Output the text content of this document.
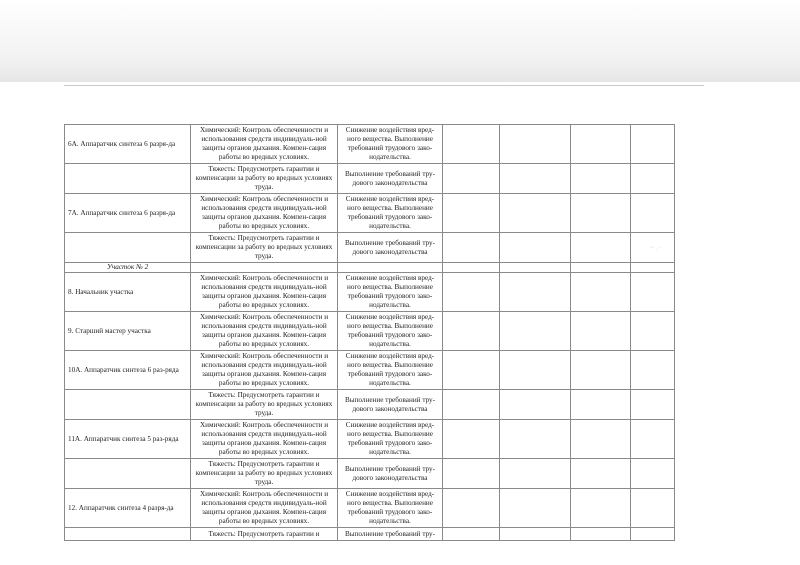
6А. Аппаратчик синтеза 6 разря-да	Химический: Контроль обеспеченности и использования средств индивидуаль-ной защиты органов дыхания. Компен-сация работы во вредных условиях.	Снижение воздействия вред-ного вещества. Выполнение требований трудового зако-нодательства.				
	Тяжесть: Предусмотреть гарантии и компенсации за работу во вредных условиях труда.	Выполнение требований тру-дового законодательства				
7А. Аппаратчик синтеза 6 разря-да	Химический: Контроль обеспеченности и использования средств индивидуаль-ной защиты органов дыхания. Компен-сация работы во вредных условиях.	Снижение воздействия вред-ного вещества. Выполнение требований трудового зако-нодательства.				
	Тяжесть: Предусмотреть гарантии и компенсации за работу во вредных условиях труда.	Выполнение требований тру-дового законодательства				
Участок № 2						
8. Начальник участка	Химический: Контроль обеспеченности и использования средств индивидуаль-ной защиты органов дыхания. Компен-сация работы во вредных условиях.	Снижение воздействия вред-ного вещества. Выполнение требований трудового зако-нодательства.				
9. Старший мастер участка	Химический: Контроль обеспеченности и использования средств индивидуаль-ной защиты органов дыхания. Компен-сация работы во вредных условиях.	Снижение воздействия вред-ного вещества. Выполнение требований трудового зако-нодательства.				
10А. Аппаратчик синтеза 6 раз-ряда	Химический: Контроль обеспеченности и использования средств индивидуаль-ной защиты органов дыхания. Компен-сация работы во вредных условиях.	Снижение воздействия вред-ного вещества. Выполнение требований трудового зако-нодательства.				
	Тяжесть: Предусмотреть гарантии и компенсации за работу во вредных условиях труда.	Выполнение требований тру-дового законодательства				
11А. Аппаратчик синтеза 5 раз-ряда	Химический: Контроль обеспеченности и использования средств индивидуаль-ной защиты органов дыхания. Компен-сация работы во вредных условиях.	Снижение воздействия вред-ного вещества. Выполнение требований трудового зако-нодательства.				
	Тяжесть: Предусмотреть гарантии и компенсации за работу во вредных условиях труда.	Выполнение требований тру-дового законодательства				
12. Аппаратчик синтеза 4 разря-да	Химический: Контроль обеспеченности и использования средств индивидуаль-ной защиты органов дыхания. Компен-сация работы во вредных условиях.	Снижение воздействия вред-ного вещества. Выполнение требований трудового зако-нодательства.				
	Тяжесть: Предусмотреть гарантии и	Выполнение требований тру-				
~ . ·
